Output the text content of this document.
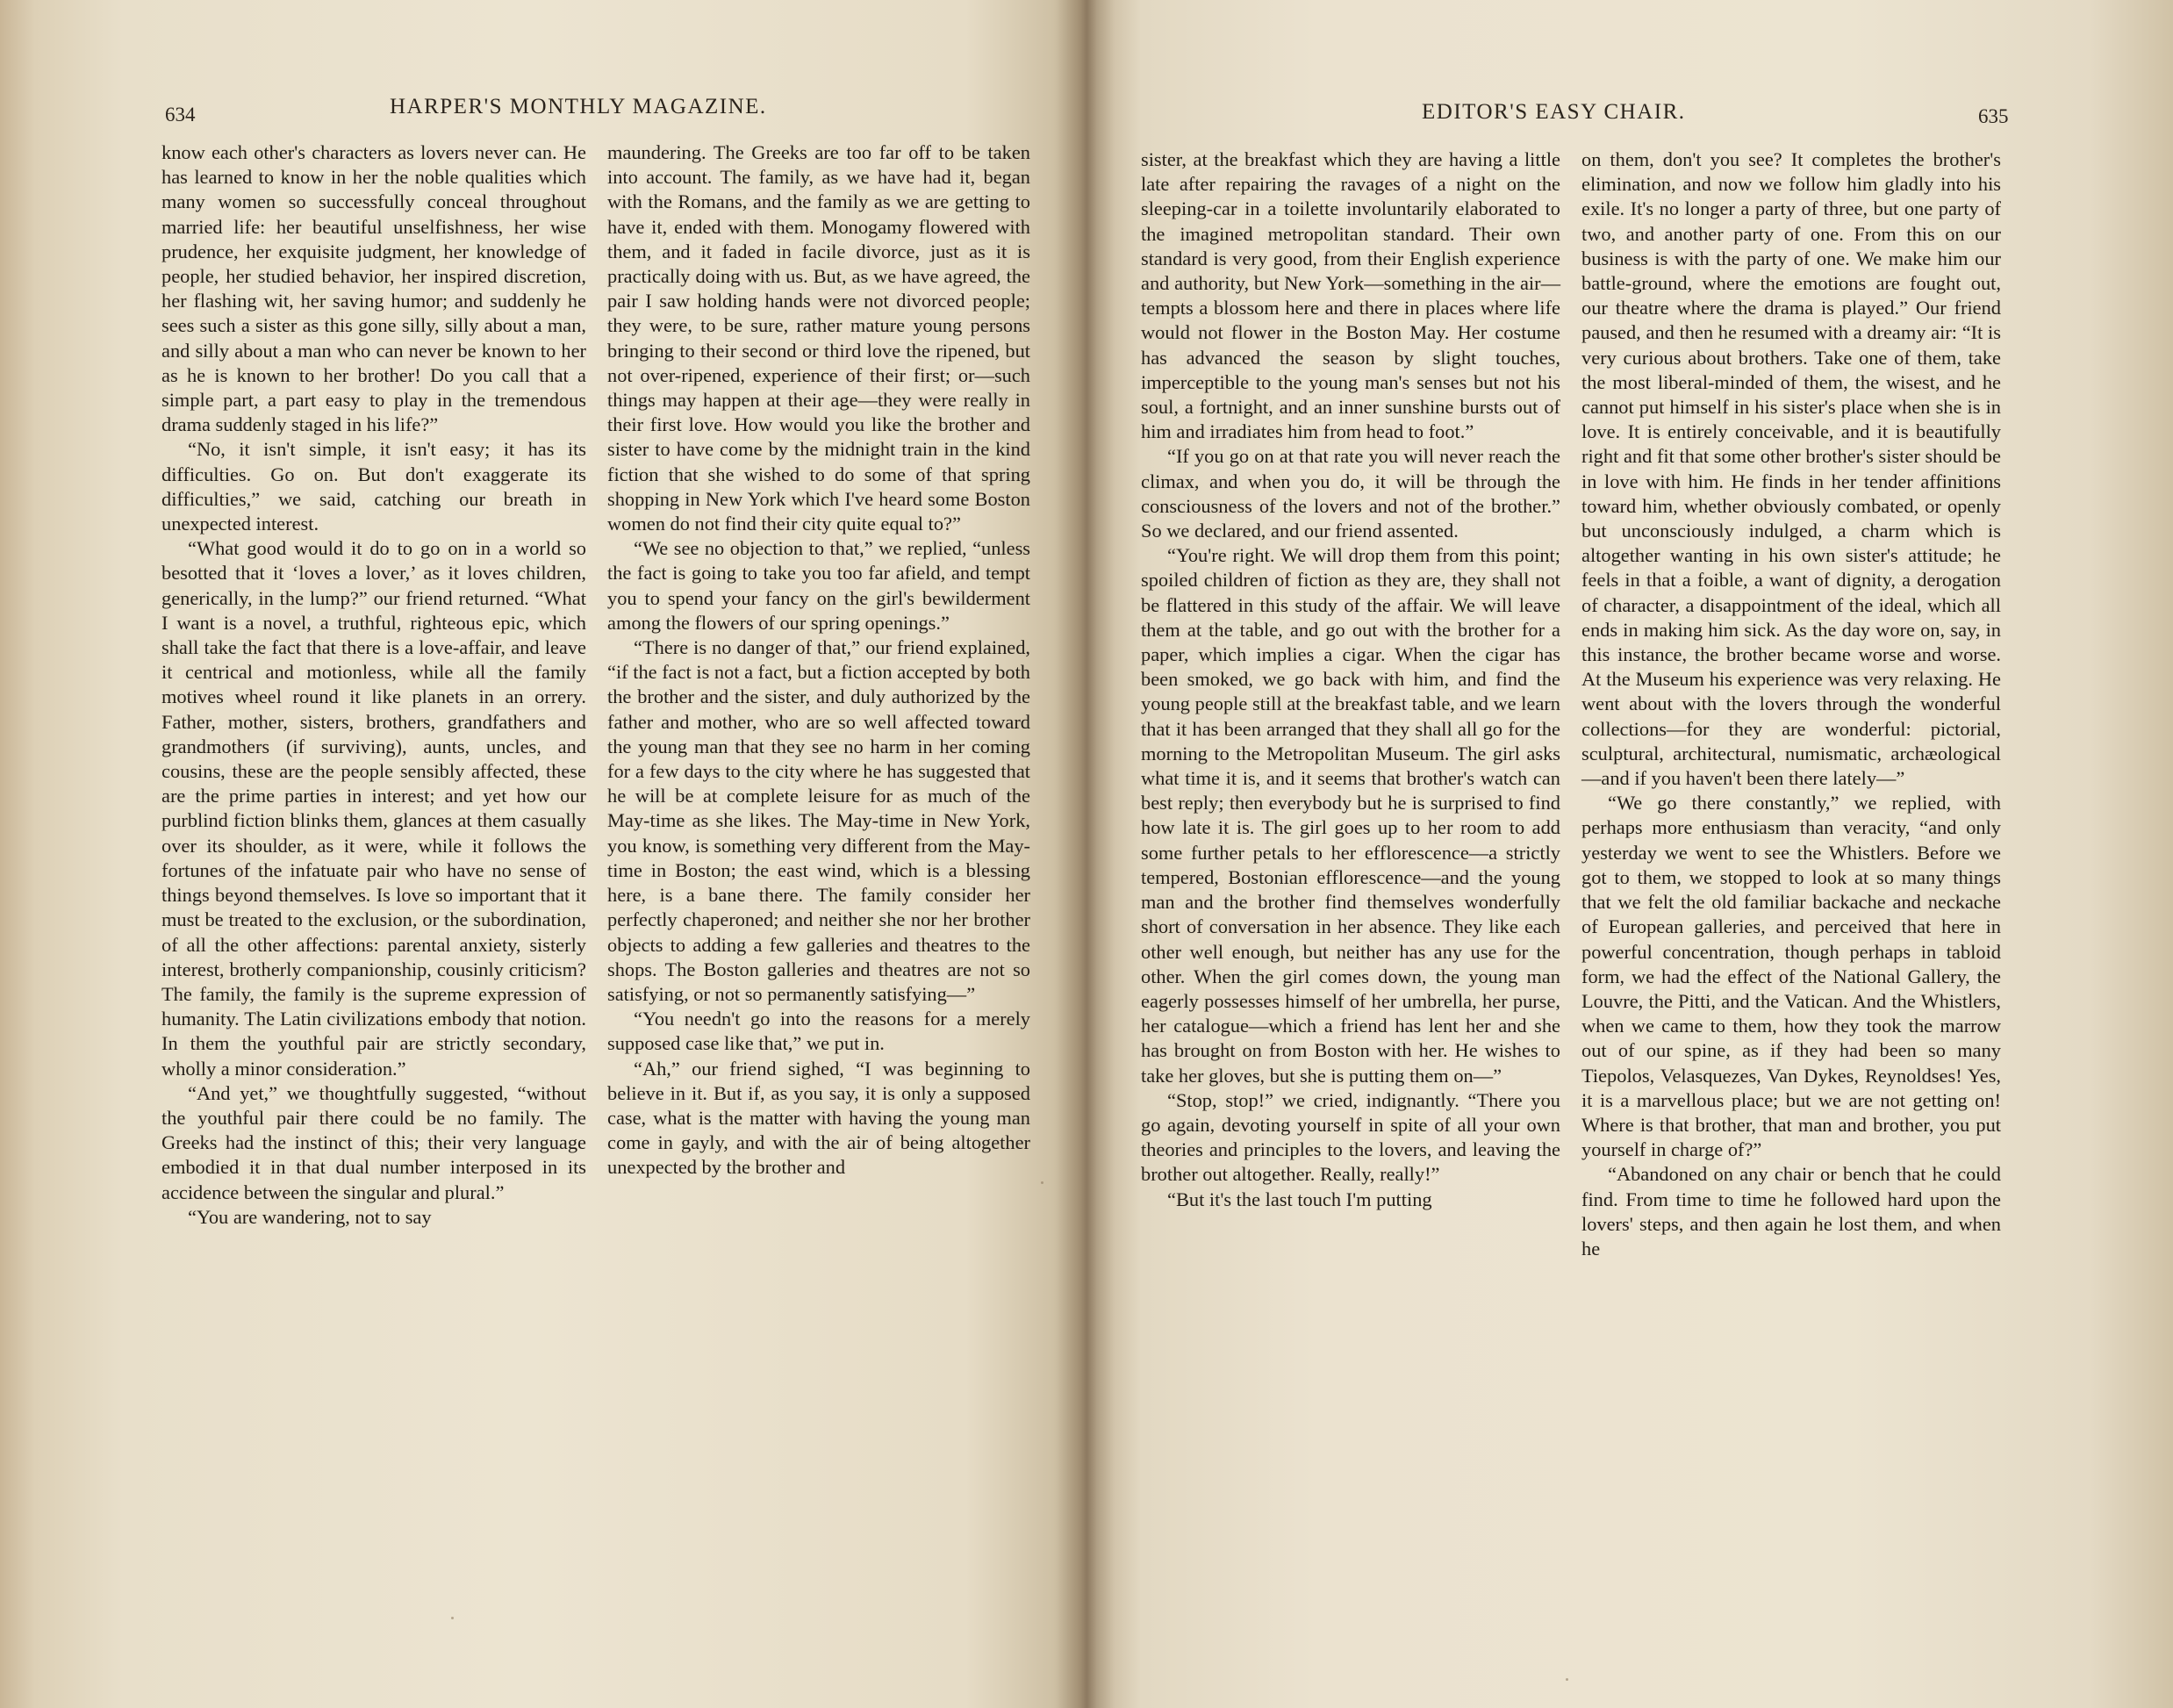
634	HARPER'S MONTHLY MAGAZINE.

know each other's characters as lovers never can. He has learned to know in her the noble qualities which many women so successfully conceal throughout married life: her beautiful unselfishness, her wise prudence, her exquisite judgment, her knowledge of people, her studied behavior, her inspired discretion, her flashing wit, her saving humor; and suddenly he sees such a sister as this gone silly, silly about a man, and silly about a man who can never be known to her as he is known to her brother! Do you call that a simple part, a part easy to play in the tremendous drama suddenly staged in his life?”

“No, it isn't simple, it isn't easy; it has its difficulties. Go on. But don't exaggerate its difficulties,” we said, catching our breath in unexpected interest.

“What good would it do to go on in a world so besotted that it ‘loves a lover,’ as it loves children, generically, in the lump?” our friend returned. “What I want is a novel, a truthful, righteous epic, which shall take the fact that there is a love-affair, and leave it centrical and motionless, while all the family motives wheel round it like planets in an orrery. Father, mother, sisters, brothers, grandfathers and grandmothers (if surviving), aunts, uncles, and cousins, these are the people sensibly affected, these are the prime parties in interest; and yet how our purblind fiction blinks them, glances at them casually over its shoulder, as it were, while it follows the fortunes of the infatuate pair who have no sense of things beyond themselves. Is love so important that it must be treated to the exclusion, or the subordination, of all the other affections: parental anxiety, sisterly interest, brotherly companionship, cousinly criticism? The family, the family is the supreme expression of humanity. The Latin civilizations embody that notion. In them the youthful pair are strictly secondary, wholly a minor consideration.”

“And yet,” we thoughtfully suggested, “without the youthful pair there could be no family. The Greeks had the instinct of this; their very language embodied it in that dual number interposed in its accidence between the singular and plural.”

“You are wandering, not to say

maundering. The Greeks are too far off to be taken into account. The family, as we have had it, began with the Romans, and the family as we are getting to have it, ended with them. Monogamy flowered with them, and it faded in facile divorce, just as it is practically doing with us. But, as we have agreed, the pair I saw holding hands were not divorced people; they were, to be sure, rather mature young persons bringing to their second or third love the ripened, but not over-ripened, experience of their first; or—such things may happen at their age—they were really in their first love. How would you like the brother and sister to have come by the midnight train in the kind fiction that she wished to do some of that spring shopping in New York which I've heard some Boston women do not find their city quite equal to?”

“We see no objection to that,” we replied, “unless the fact is going to take you too far afield, and tempt you to spend your fancy on the girl's bewilderment among the flowers of our spring openings.”

“There is no danger of that,” our friend explained, “if the fact is not a fact, but a fiction accepted by both the brother and the sister, and duly authorized by the father and mother, who are so well affected toward the young man that they see no harm in her coming for a few days to the city where he has suggested that he will be at complete leisure for as much of the May-time as she likes. The May-time in New York, you know, is something very different from the May-time in Boston; the east wind, which is a blessing here, is a bane there. The family consider her perfectly chaperoned; and neither she nor her brother objects to adding a few galleries and theatres to the shops. The Boston galleries and theatres are not so satisfying, or not so permanently satisfying—”

“You needn't go into the reasons for a merely supposed case like that,” we put in.

“Ah,” our friend sighed, “I was beginning to believe in it. But if, as you say, it is only a supposed case, what is the matter with having the young man come in gayly, and with the air of being altogether unexpected by the brother and

EDITOR'S EASY CHAIR.	635

sister, at the breakfast which they are having a little late after repairing the ravages of a night on the sleeping-car in a toilette involuntarily elaborated to the imagined metropolitan standard. Their own standard is very good, from their English experience and authority, but New York—something in the air—tempts a blossom here and there in places where life would not flower in the Boston May. Her costume has advanced the season by slight touches, imperceptible to the young man's senses but not his soul, a fortnight, and an inner sunshine bursts out of him and irradiates him from head to foot.”

“If you go on at that rate you will never reach the climax, and when you do, it will be through the consciousness of the lovers and not of the brother.” So we declared, and our friend assented.

“You're right. We will drop them from this point; spoiled children of fiction as they are, they shall not be flattered in this study of the affair. We will leave them at the table, and go out with the brother for a paper, which implies a cigar. When the cigar has been smoked, we go back with him, and find the young people still at the breakfast table, and we learn that it has been arranged that they shall all go for the morning to the Metropolitan Museum. The girl asks what time it is, and it seems that brother's watch can best reply; then everybody but he is surprised to find how late it is. The girl goes up to her room to add some further petals to her efflorescence—a strictly tempered, Bostonian efflorescence—and the young man and the brother find themselves wonderfully short of conversation in her absence. They like each other well enough, but neither has any use for the other. When the girl comes down, the young man eagerly possesses himself of her umbrella, her purse, her catalogue—which a friend has lent her and she has brought on from Boston with her. He wishes to take her gloves, but she is putting them on—”

“Stop, stop!” we cried, indignantly. “There you go again, devoting yourself in spite of all your own theories and principles to the lovers, and leaving the brother out altogether. Really, really!”

“But it's the last touch I'm putting

on them, don't you see? It completes the brother's elimination, and now we follow him gladly into his exile. It's no longer a party of three, but one party of two, and another party of one. From this on our business is with the party of one. We make him our battle-ground, where the emotions are fought out, our theatre where the drama is played.” Our friend paused, and then he resumed with a dreamy air: “It is very curious about brothers. Take one of them, take the most liberal-minded of them, the wisest, and he cannot put himself in his sister's place when she is in love. It is entirely conceivable, and it is beautifully right and fit that some other brother's sister should be in love with him. He finds in her tender affinitions toward him, whether obviously combated, or openly but unconsciously indulged, a charm which is altogether wanting in his own sister's attitude; he feels in that a foible, a want of dignity, a derogation of character, a disappointment of the ideal, which all ends in making him sick. As the day wore on, say, in this instance, the brother became worse and worse. At the Museum his experience was very relaxing. He went about with the lovers through the wonderful collections—for they are wonderful: pictorial, sculptural, architectural, numismatic, archæological—and if you haven't been there lately—”

“We go there constantly,” we replied, with perhaps more enthusiasm than veracity, “and only yesterday we went to see the Whistlers. Before we got to them, we stopped to look at so many things that we felt the old familiar backache and neckache of European galleries, and perceived that here in powerful concentration, though perhaps in tabloid form, we had the effect of the National Gallery, the Louvre, the Pitti, and the Vatican. And the Whistlers, when we came to them, how they took the marrow out of our spine, as if they had been so many Tiepolos, Velasquezes, Van Dykes, Reynoldses! Yes, it is a marvellous place; but we are not getting on! Where is that brother, that man and brother, you put yourself in charge of?”

“Abandoned on any chair or bench that he could find. From time to time he followed hard upon the lovers' steps, and then again he lost them, and when he
